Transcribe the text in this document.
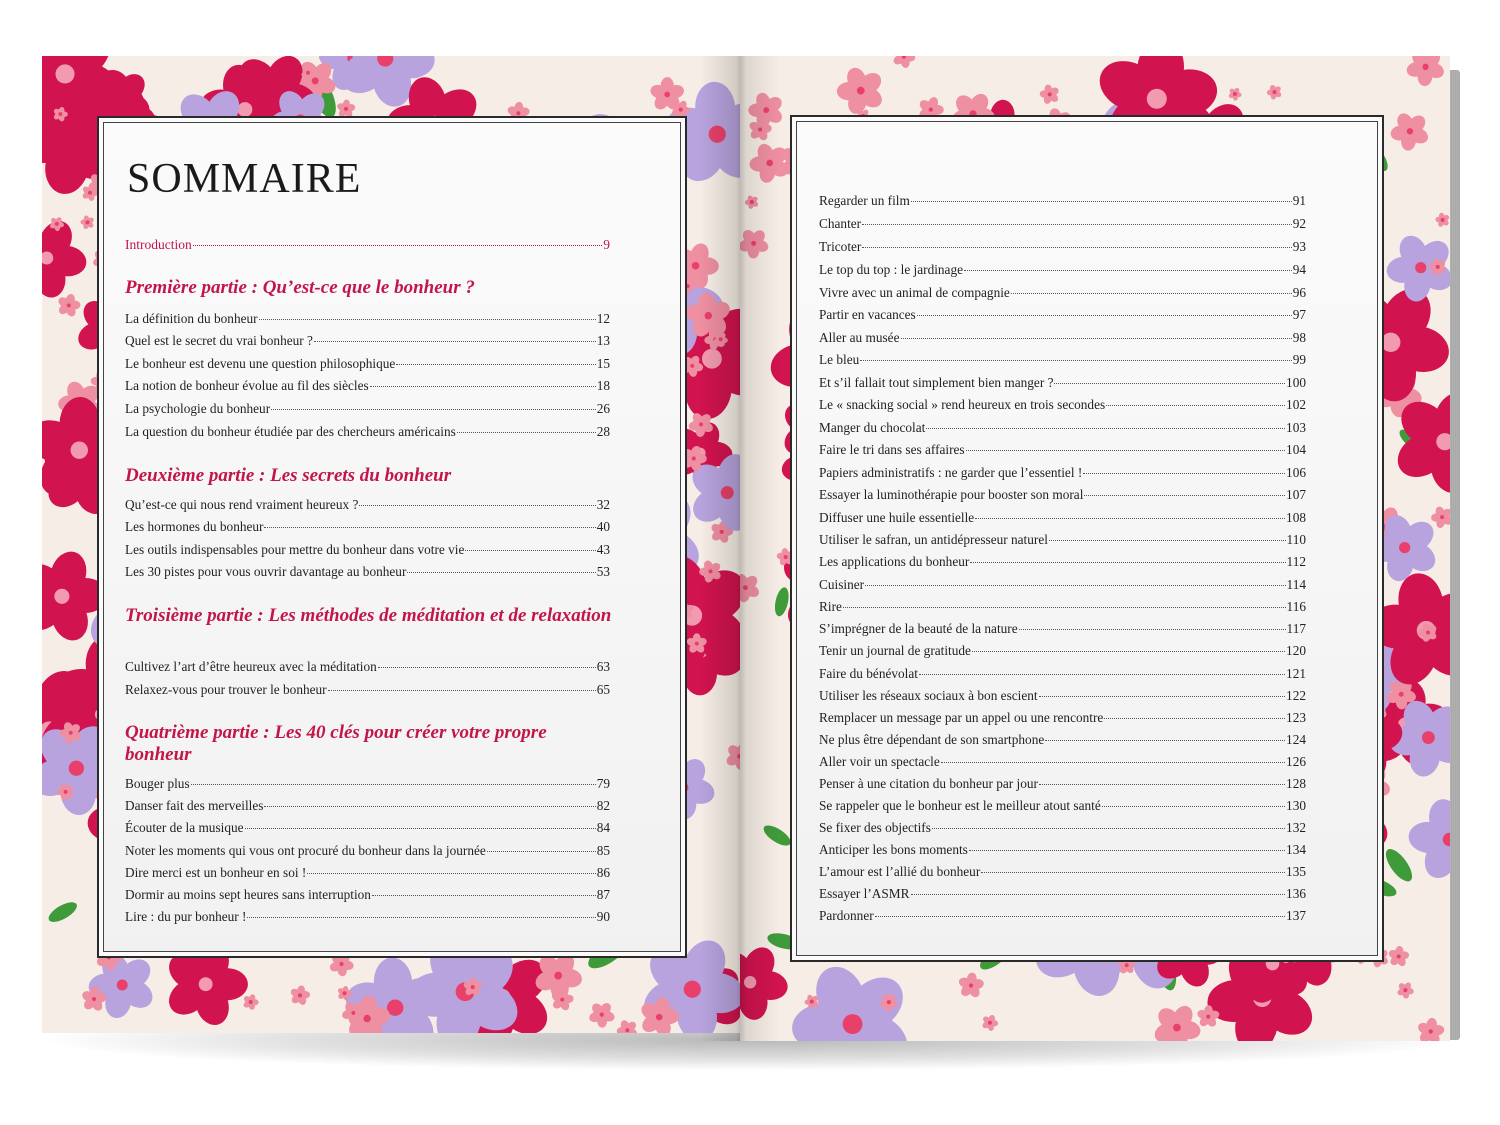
SOMMAIRE
Introduction	9
Première partie : Qu’est-ce que le bonheur ?
La définition du bonheur	12
Quel est le secret du vrai bonheur ?	13
Le bonheur est devenu une question philosophique	15
La notion de bonheur évolue au fil des siècles	18
La psychologie du bonheur	26
La question du bonheur étudiée par des chercheurs américains	28
Deuxième partie : Les secrets du bonheur
Qu’est-ce qui nous rend vraiment heureux ?	32
Les hormones du bonheur	40
Les outils indispensables pour mettre du bonheur dans votre vie	43
Les 30 pistes pour vous ouvrir davantage au bonheur	53
Troisième partie : Les méthodes de méditation et de relaxation
Cultivez l’art d’être heureux avec la méditation	63
Relaxez-vous pour trouver le bonheur	65
Quatrième partie : Les 40 clés pour créer votre propre bonheur
Bouger plus	79
Danser fait des merveilles	82
Écouter de la musique	84
Noter les moments qui vous ont procuré du bonheur dans la journée	85
Dire merci est un bonheur en soi !	86
Dormir au moins sept heures sans interruption	87
Lire : du pur bonheur !	90
Regarder un film	91
Chanter	92
Tricoter	93
Le top du top : le jardinage	94
Vivre avec un animal de compagnie	96
Partir en vacances	97
Aller au musée	98
Le bleu	99
Et s’il fallait tout simplement bien manger ?	100
Le « snacking social » rend heureux en trois secondes	102
Manger du chocolat	103
Faire le tri dans ses affaires	104
Papiers administratifs : ne garder que l’essentiel !	106
Essayer la luminothérapie pour booster son moral	107
Diffuser une huile essentielle	108
Utiliser le safran, un antidépresseur naturel	110
Les applications du bonheur	112
Cuisiner	114
Rire	116
S’imprégner de la beauté de la nature	117
Tenir un journal de gratitude	120
Faire du bénévolat	121
Utiliser les réseaux sociaux à bon escient	122
Remplacer un message par un appel ou une rencontre	123
Ne plus être dépendant de son smartphone	124
Aller voir un spectacle	126
Penser à une citation du bonheur par jour	128
Se rappeler que le bonheur est le meilleur atout santé	130
Se fixer des objectifs	132
Anticiper les bons moments	134
L’amour est l’allié du bonheur	135
Essayer l’ASMR	136
Pardonner	137
